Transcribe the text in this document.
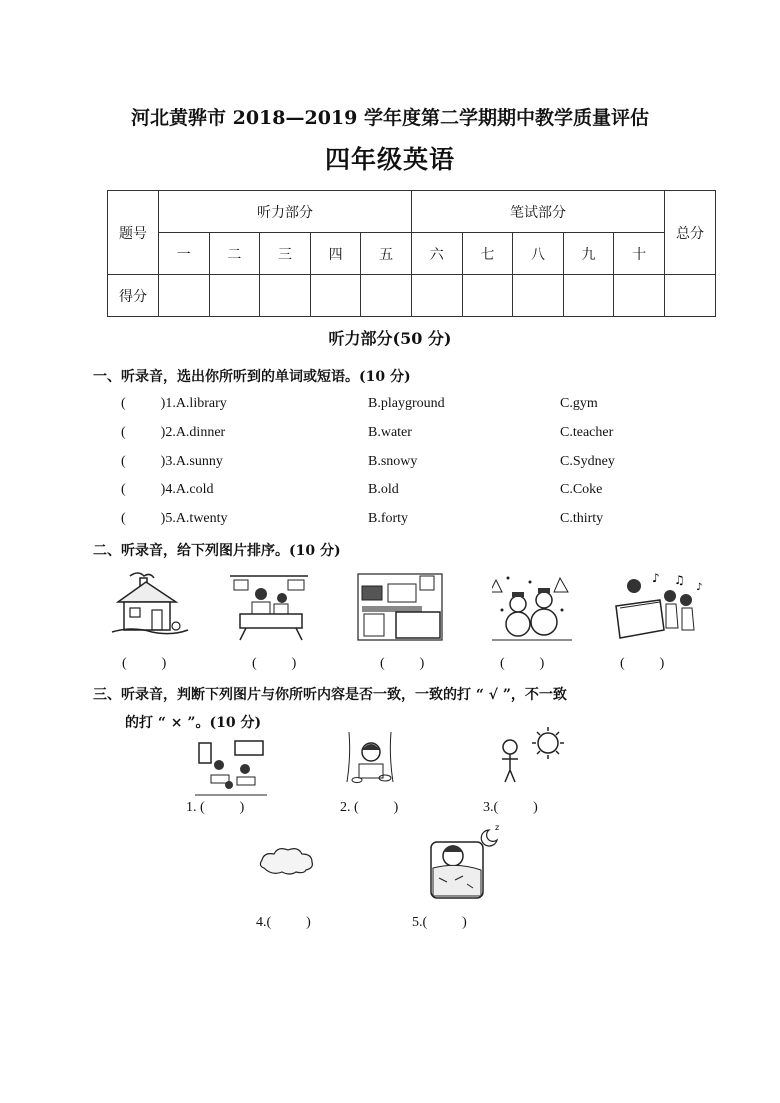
河北黄骅市 2018—2019 学年度第二学期期中教学质量评估
四年级英语
题号	听力部分					笔试部分					总分
	一	二	三	四	五	六	七	八	九	十	
得分											
听力部分(50 分)
一、听录音，选出你所听到的单词或短语。(10 分)
(          )1.A.library	B.playground	C.gym
(          )2.A.dinner	B.water	C.teacher
(          )3.A.sunny	B.snowy	C.Sydney
(          )4.A.cold	B.old	C.Coke
(          )5.A.twenty	B.forty	C.thirty
二、听录音，给下列图片排序。(10 分)
♪ ♫
♪
(          )	(          )	(          )	(          )	(          )
三、听录音，判断下列图片与你所听内容是否一致，一致的打 “ √ ”，不一致
的打 “ × ”。(10 分)
1. (          )	2. (          )	3.(          )
z
4.(          )	5.(          )
